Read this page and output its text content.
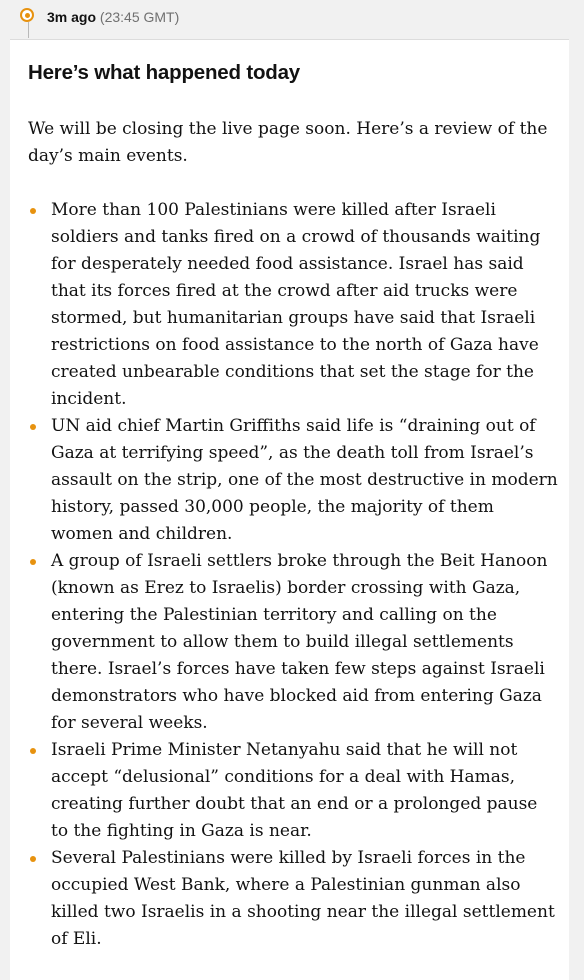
3m ago (23:45 GMT)
Here’s what happened today

We will be closing the live page soon. Here’s a review of the day’s main events.

More than 100 Palestinians were killed after Israeli soldiers and tanks fired on a crowd of thousands waiting for desperately needed food assistance. Israel has said that its forces fired at the crowd after aid trucks were stormed, but humanitarian groups have said that Israeli restrictions on food assistance to the north of Gaza have created unbearable conditions that set the stage for the incident.
UN aid chief Martin Griffiths said life is “draining out of Gaza at terrifying speed”, as the death toll from Israel’s assault on the strip, one of the most destructive in modern history, passed 30,000 people, the majority of them women and children.
A group of Israeli settlers broke through the Beit Hanoon (known as Erez to Israelis) border crossing with Gaza, entering the Palestinian territory and calling on the government to allow them to build illegal settlements there. Israel’s forces have taken few steps against Israeli demonstrators who have blocked aid from entering Gaza for several weeks.
Israeli Prime Minister Netanyahu said that he will not accept “delusional” conditions for a deal with Hamas, creating further doubt that an end or a prolonged pause to the fighting in Gaza is near.
Several Palestinians were killed by Israeli forces in the occupied West Bank, where a Palestinian gunman also killed two Israelis in a shooting near the illegal settlement of Eli.
